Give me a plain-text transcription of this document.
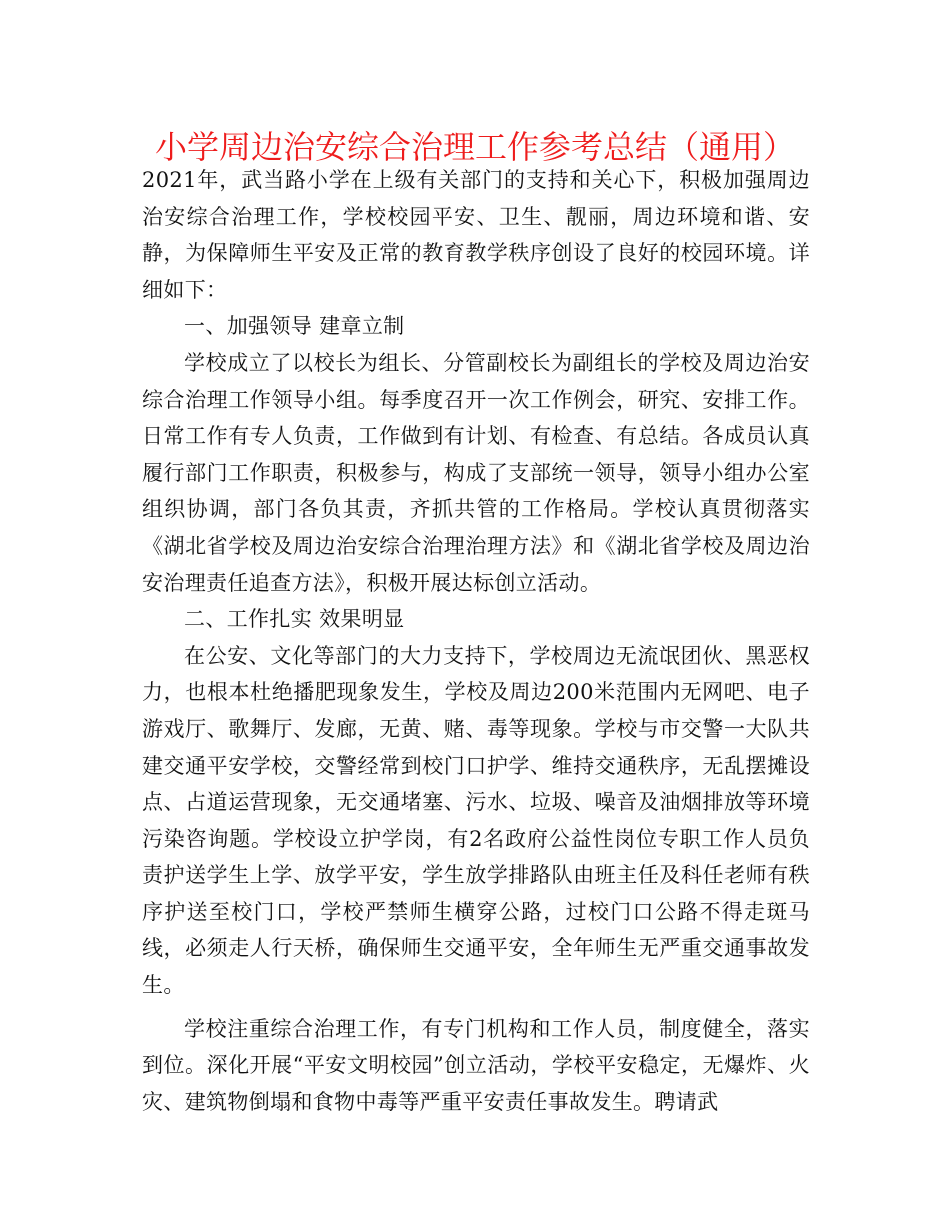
小学周边治安综合治理工作参考总结（通用）

2021年，武当路小学在上级有关部门的支持和关心下，积极加强周边治安综合治理工作，学校校园平安、卫生、靓丽，周边环境和谐、安静，为保障师生平安及正常的教育教学秩序创设了良好的校园环境。详细如下：

一、加强领导 建章立制

学校成立了以校长为组长、分管副校长为副组长的学校及周边治安综合治理工作领导小组。每季度召开一次工作例会，研究、安排工作。日常工作有专人负责，工作做到有计划、有检查、有总结。各成员认真履行部门工作职责，积极参与，构成了支部统一领导，领导小组办公室组织协调，部门各负其责，齐抓共管的工作格局。学校认真贯彻落实《湖北省学校及周边治安综合治理治理方法》和《湖北省学校及周边治安治理责任追查方法》，积极开展达标创立活动。

二、工作扎实 效果明显

在公安、文化等部门的大力支持下，学校周边无流氓团伙、黑恶权力，也根本杜绝播肥现象发生，学校及周边200米范围内无网吧、电子游戏厅、歌舞厅、发廊，无黄、赌、毒等现象。学校与市交警一大队共建交通平安学校，交警经常到校门口护学、维持交通秩序，无乱摆摊设点、占道运营现象，无交通堵塞、污水、垃圾、噪音及油烟排放等环境污染咨询题。学校设立护学岗，有2名政府公益性岗位专职工作人员负责护送学生上学、放学平安，学生放学排路队由班主任及科任老师有秩序护送至校门口，学校严禁师生横穿公路，过校门口公路不得走斑马线，必须走人行天桥，确保师生交通平安，全年师生无严重交通事故发生。

学校注重综合治理工作，有专门机构和工作人员，制度健全，落实到位。深化开展“平安文明校园”创立活动，学校平安稳定，无爆炸、火灾、建筑物倒塌和食物中毒等严重平安责任事故发生。聘请武
